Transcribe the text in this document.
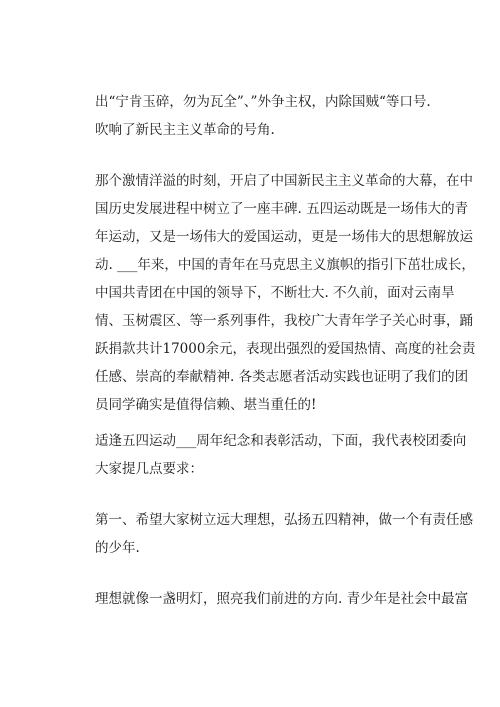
出“宁肯玉碎，勿为瓦全”、”外争主权，内除国贼“等口号.
吹响了新民主主义革命的号角.

那个激情洋溢的时刻，开启了中国新民主主义革命的大幕，在中
国历史发展进程中树立了一座丰碑. 五四运动既是一场伟大的青
年运动，又是一场伟大的爱国运动，更是一场伟大的思想解放运
动. ___年来，中国的青年在马克思主义旗帜的指引下茁壮成长，
中国共青团在中国的领导下，不断壮大. 不久前，面对云南旱
情、玉树震区、等一系列事件，我校广大青年学子关心时事，踊
跃捐款共计17000余元，表现出强烈的爱国热情、高度的社会责
任感、崇高的奉献精神. 各类志愿者活动实践也证明了我们的团
员同学确实是值得信赖、堪当重任的!

适逢五四运动___周年纪念和表彰活动，下面，我代表校团委向
大家提几点要求：

第一、希望大家树立远大理想，弘扬五四精神，做一个有责任感
的少年.

理想就像一盏明灯，照亮我们前进的方向. 青少年是社会中最富
